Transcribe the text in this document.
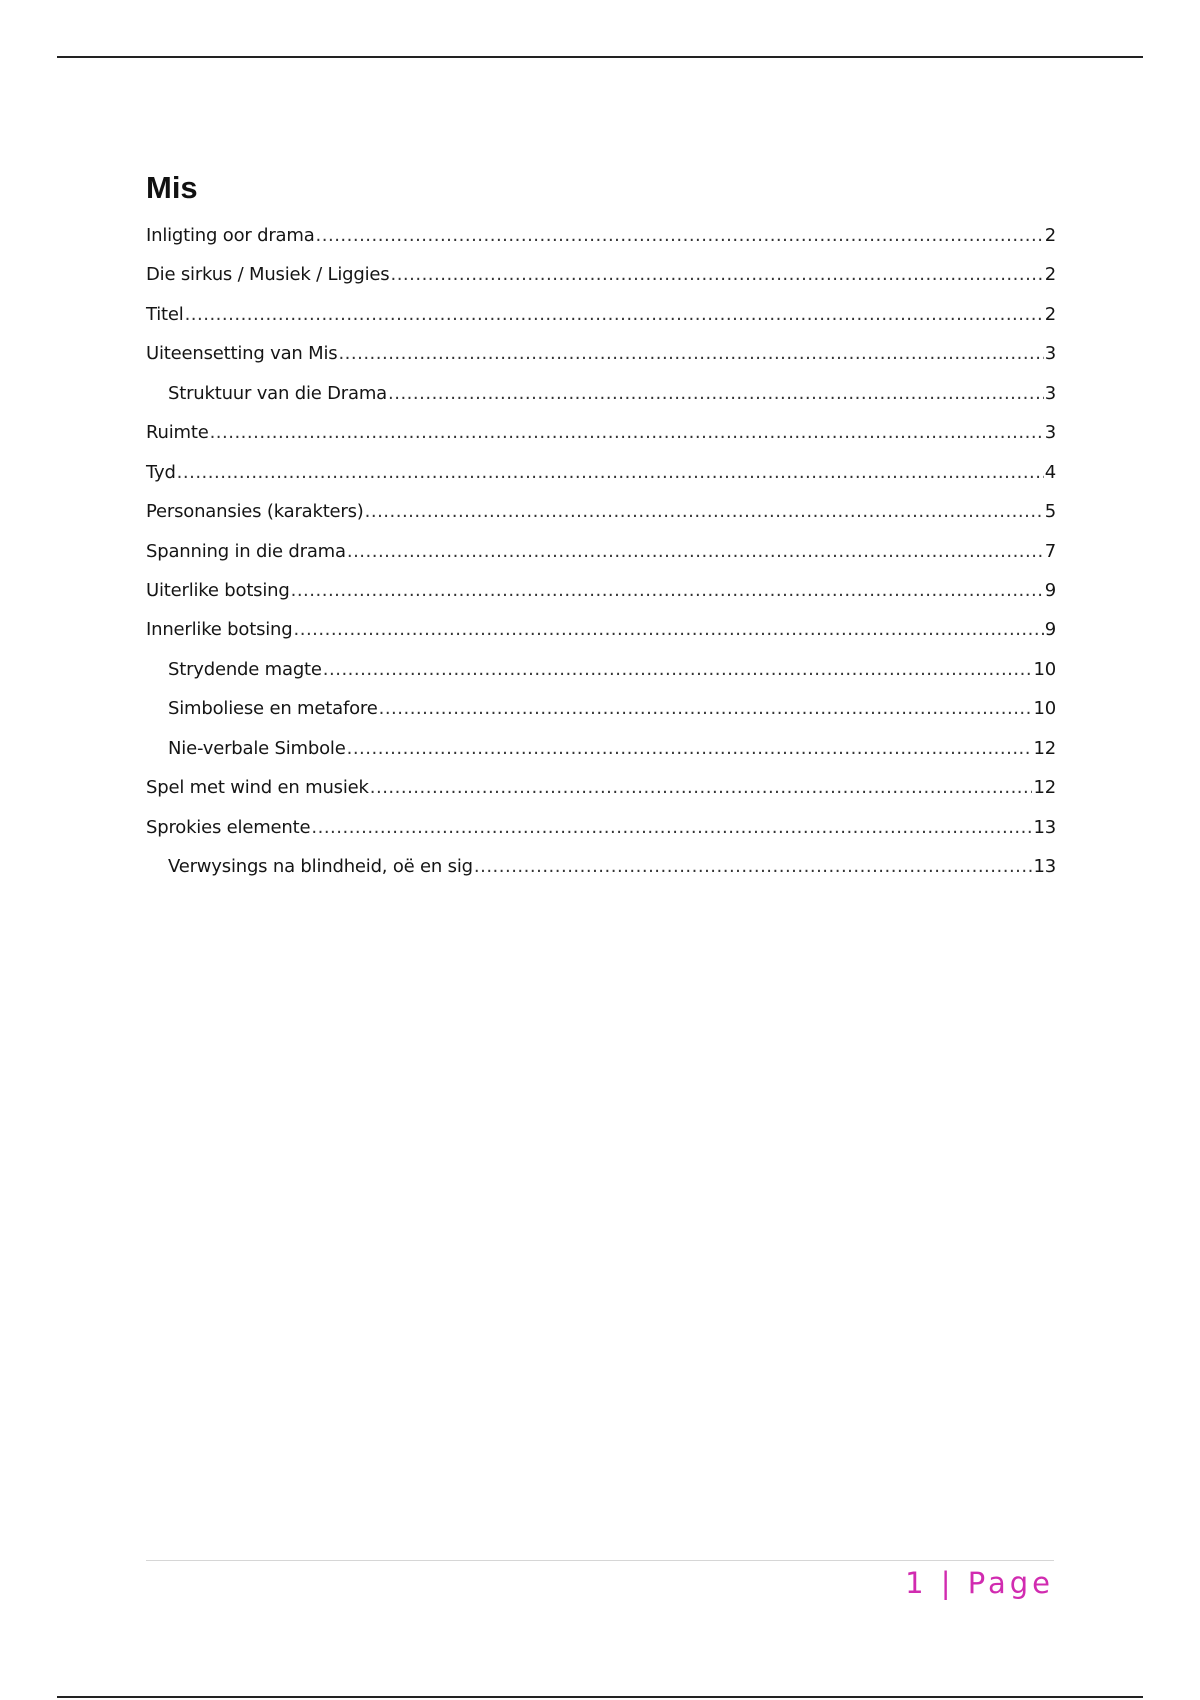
Mis
Inligting oor drama .....	2
Die sirkus / Musiek / Liggies .....	2
Titel .....	2
Uiteensetting van Mis .....	3
Struktuur van die Drama .....	3
Ruimte .....	3
Tyd .....	4
Personansies (karakters) .....	5
Spanning in die drama .....	7
Uiterlike botsing .....	9
Innerlike botsing .....	9
Strydende magte .....	10
Simboliese en metafore .....	10
Nie-verbale Simbole .....	12
Spel met wind en musiek .....	12
Sprokies elemente .....	13
Verwysings na blindheid, oë en sig .....	13
1 | Page
